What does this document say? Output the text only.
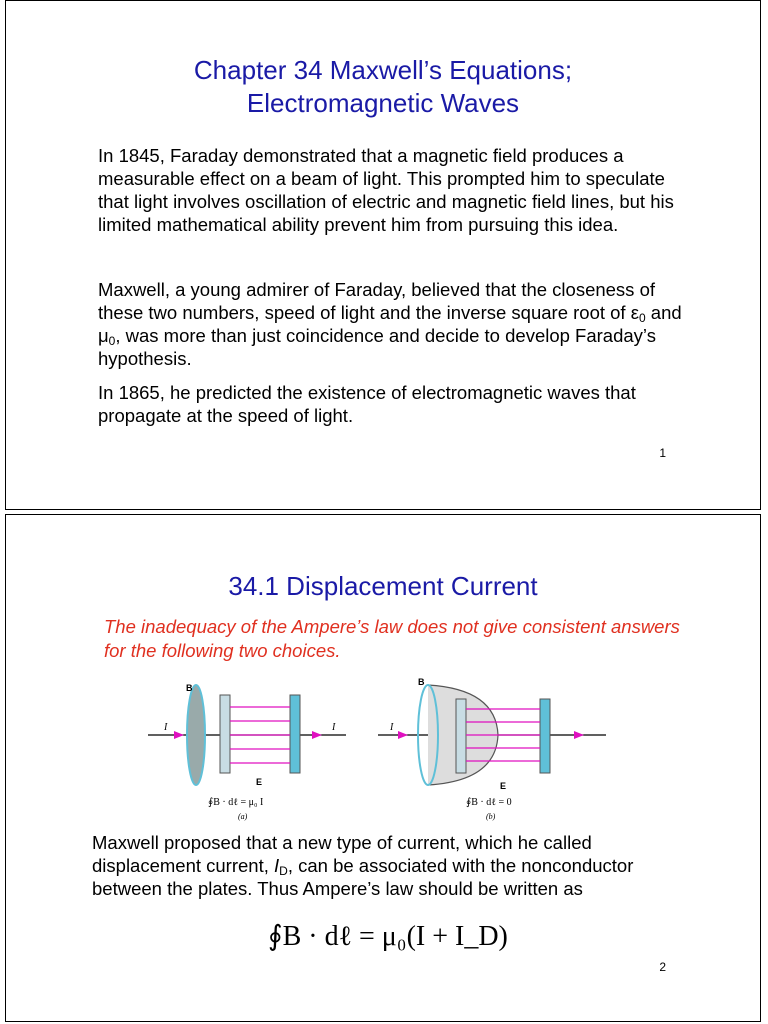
Chapter 34 Maxwell’s Equations;
Electromagnetic Waves

In 1845, Faraday demonstrated that a magnetic field produces a measurable effect on a beam of light. This prompted him to speculate that light involves oscillation of electric and magnetic field lines, but his limited mathematical ability prevent him from pursuing this idea.

Maxwell, a young admirer of Faraday, believed that the closeness of these two numbers, speed of light and the inverse square root of $\varepsilon_0$ and $\mu_0$, was more than just coincidence and decide to develop Faraday’s hypothesis.

In 1865, he predicted the existence of electromagnetic waves that propagate at the speed of light.

1
34.1 Displacement Current
The inadequacy of the Ampere’s law does not give consistent answers for the following two choices.
B
I	I
E
∮B · dℓ = μ₀ I
(a)
B
I
E
∮B · dℓ = 0
(b)

Maxwell proposed that a new type of current, which he called displacement current, $I_D$, can be associated with the nonconductor between the plates. Thus Ampere’s law should be written as

∮B · dℓ = μ₀(I + I_D)
2
